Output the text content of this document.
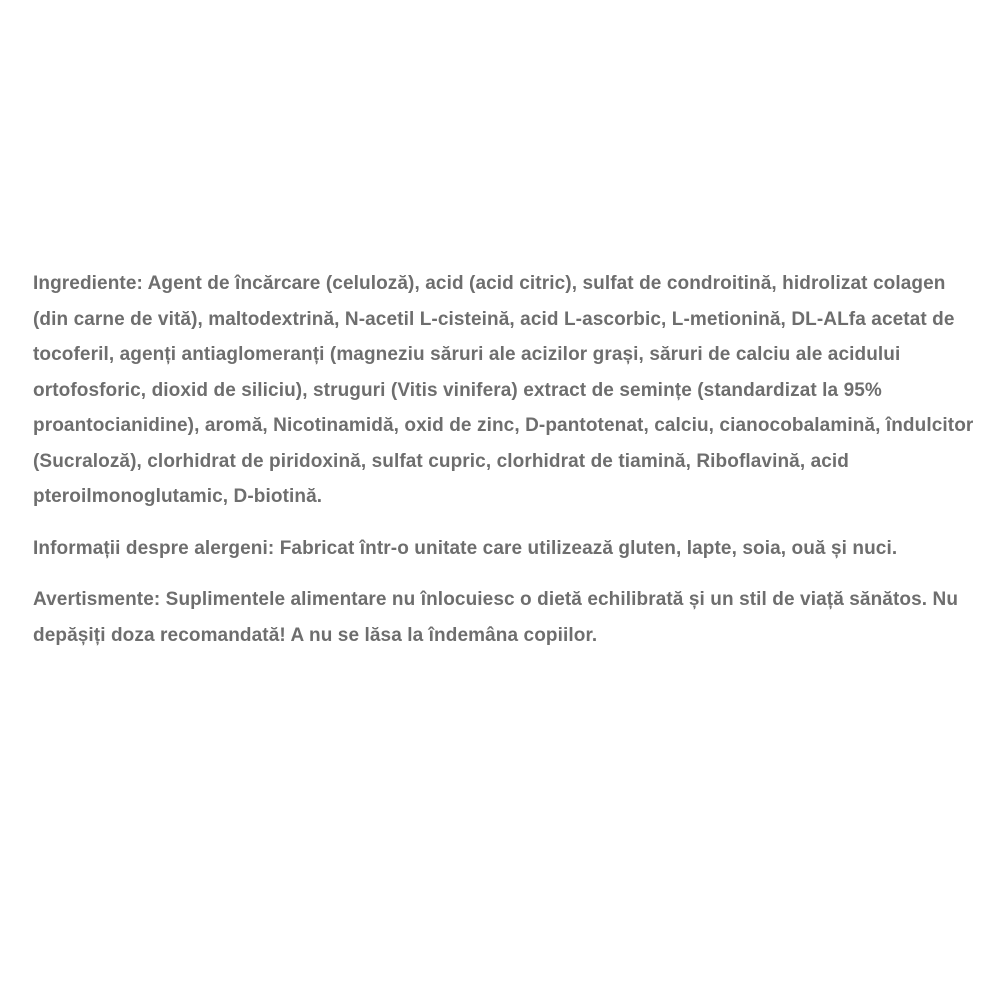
Ingrediente: Agent de încărcare (celuloză), acid (acid citric), sulfat de condroitină, hidrolizat colagen (din carne de vită), maltodextrină, N-acetil L-cisteină, acid L-ascorbic, L-metionină, DL-ALfa acetat de tocoferil, agenți antiaglomeranți (magneziu săruri ale acizilor grași, săruri de calciu ale acidului ortofosforic, dioxid de siliciu), struguri (Vitis vinifera) extract de semințe (standardizat la 95% proantocianidine), aromă, Nicotinamidă, oxid de zinc, D-pantotenat, calciu, cianocobalamină, îndulcitor (Sucraloză), clorhidrat de piridoxină, sulfat cupric, clorhidrat de tiamină, Riboflavină, acid pteroilmonoglutamic, D-biotină.

Informații despre alergeni: Fabricat într-o unitate care utilizează gluten, lapte, soia, ouă și nuci.

Avertismente: Suplimentele alimentare nu înlocuiesc o dietă echilibrată și un stil de viață sănătos. Nu depășiți doza recomandată! A nu se lăsa la îndemâna copiilor.
